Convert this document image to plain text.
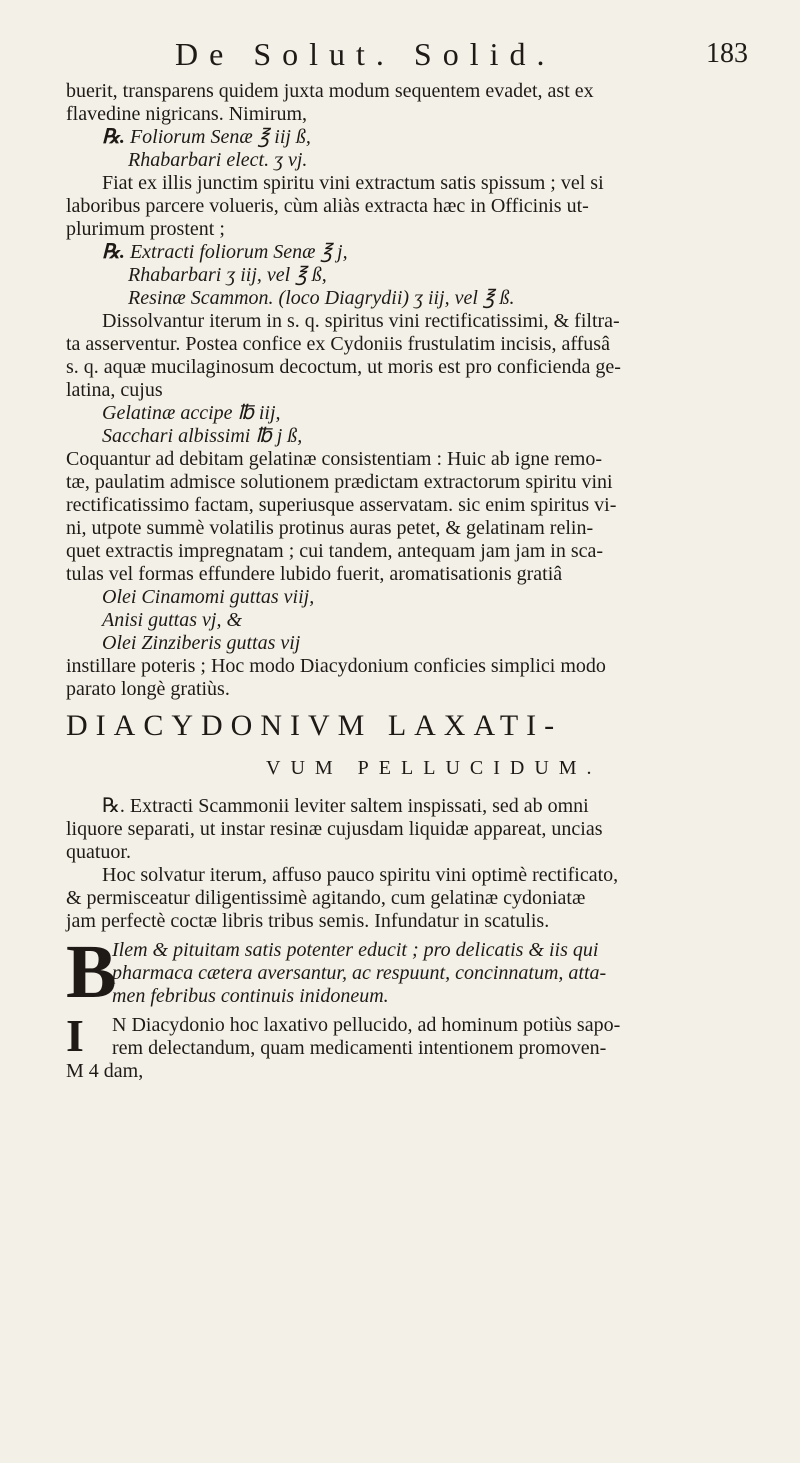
De Solut. Solid.	183
buerit, transparens quidem juxta modum sequentem evadet, ast ex
flavedine nigricans. Nimirum,
℞. Foliorum Senæ ℥ iij ß,
Rhabarbari elect. ʒ vj.
Fiat ex illis junctim spiritu vini extractum satis spissum ; vel si
laboribus parcere volueris, cùm aliàs extracta hæc in Officinis ut-
plurimum prostent ;
℞. Extracti foliorum Senæ ℥ j,
Rhabarbari ʒ iij, vel ℥ ß,
Resinæ Scammon. (loco Diagrydii) ʒ iij, vel ℥ ß.
Dissolvantur iterum in s. q. spiritus vini rectificatissimi, & filtra-
ta asserventur. Postea confice ex Cydoniis frustulatim incisis, affusâ
s. q. aquæ mucilaginosum decoctum, ut moris est pro conficienda ge-
latina, cujus
Gelatinæ accipe ℔ iij,
Sacchari albissimi ℔ j ß,
Coquantur ad debitam gelatinæ consistentiam : Huic ab igne remo-
tæ, paulatim admisce solutionem prædictam extractorum spiritu vini
rectificatissimo factam, superiusque asservatam. sic enim spiritus vi-
ni, utpote summè volatilis protinus auras petet, & gelatinam relin-
quet extractis impregnatam ; cui tandem, antequam jam jam in sca-
tulas vel formas effundere lubido fuerit, aromatisationis gratiâ
Olei Cinamomi guttas viij,
Anisi guttas vj, &
Olei Zinziberis guttas vij
instillare poteris ; Hoc modo Diacydonium conficies simplici modo
parato longè gratiùs.
DIACYDONIVM LAXATI-
VUM PELLUCIDUM.
℞. Extracti Scammonii leviter saltem inspissati, sed ab omni
liquore separati, ut instar resinæ cujusdam liquidæ appareat, uncias
quatuor.
Hoc solvatur iterum, affuso pauco spiritu vini optimè rectificato,
& permisceatur diligentissimè agitando, cum gelatinæ cydoniatæ
jam perfectè coctæ libris tribus semis. Infundatur in scatulis.
B
Ilem & pituitam satis potenter educit ; pro delicatis & iis qui
pharmaca cætera aversantur, ac respuunt, concinnatum, atta-
men febribus continuis inidoneum.
I N Diacydonio hoc laxativo pellucido, ad hominum potiùs sapo-
rem delectandum, quam medicamenti intentionem promoven-
M 4 dam,
